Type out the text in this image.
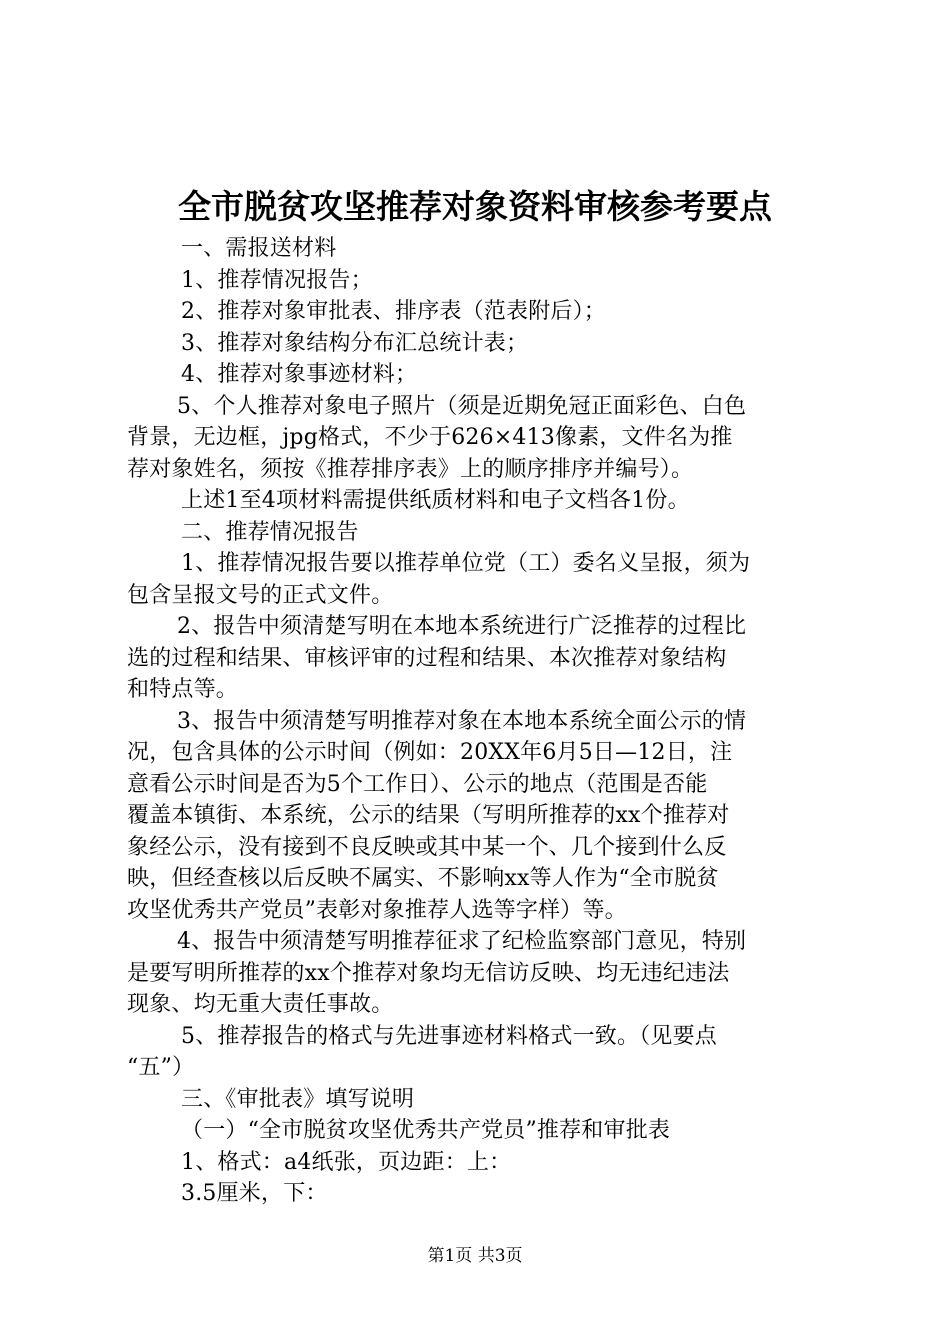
全市脱贫攻坚推荐对象资料审核参考要点
一、需报送材料
1、推荐情况报告；
2、推荐对象审批表、排序表（范表附后）；
3、推荐对象结构分布汇总统计表；
4、推荐对象事迹材料；
5、个人推荐对象电子照片（须是近期免冠正面彩色、白色
背景，无边框，jpg格式，不少于626×413像素，文件名为推
荐对象姓名，须按《推荐排序表》上的顺序排序并编号）。
上述1至4项材料需提供纸质材料和电子文档各1份。
二、推荐情况报告
1、推荐情况报告要以推荐单位党（工）委名义呈报，须为
包含呈报文号的正式文件。
2、报告中须清楚写明在本地本系统进行广泛推荐的过程比
选的过程和结果、审核评审的过程和结果、本次推荐对象结构
和特点等。
3、报告中须清楚写明推荐对象在本地本系统全面公示的情
况，包含具体的公示时间（例如：20XX年6月5日—12日，注
意看公示时间是否为5个工作日）、公示的地点（范围是否能
覆盖本镇街、本系统，公示的结果（写明所推荐的xx个推荐对
象经公示，没有接到不良反映或其中某一个、几个接到什么反
映，但经查核以后反映不属实、不影响xx等人作为“全市脱贫
攻坚优秀共产党员”表彰对象推荐人选等字样）等。
4、报告中须清楚写明推荐征求了纪检监察部门意见，特别
是要写明所推荐的xx个推荐对象均无信访反映、均无违纪违法
现象、均无重大责任事故。
5、推荐报告的格式与先进事迹材料格式一致。（见要点
“五”）
三、《审批表》填写说明
（一）“全市脱贫攻坚优秀共产党员”推荐和审批表
1、格式：a4纸张，页边距：上：
3.5厘米，下：
第1页 共3页
